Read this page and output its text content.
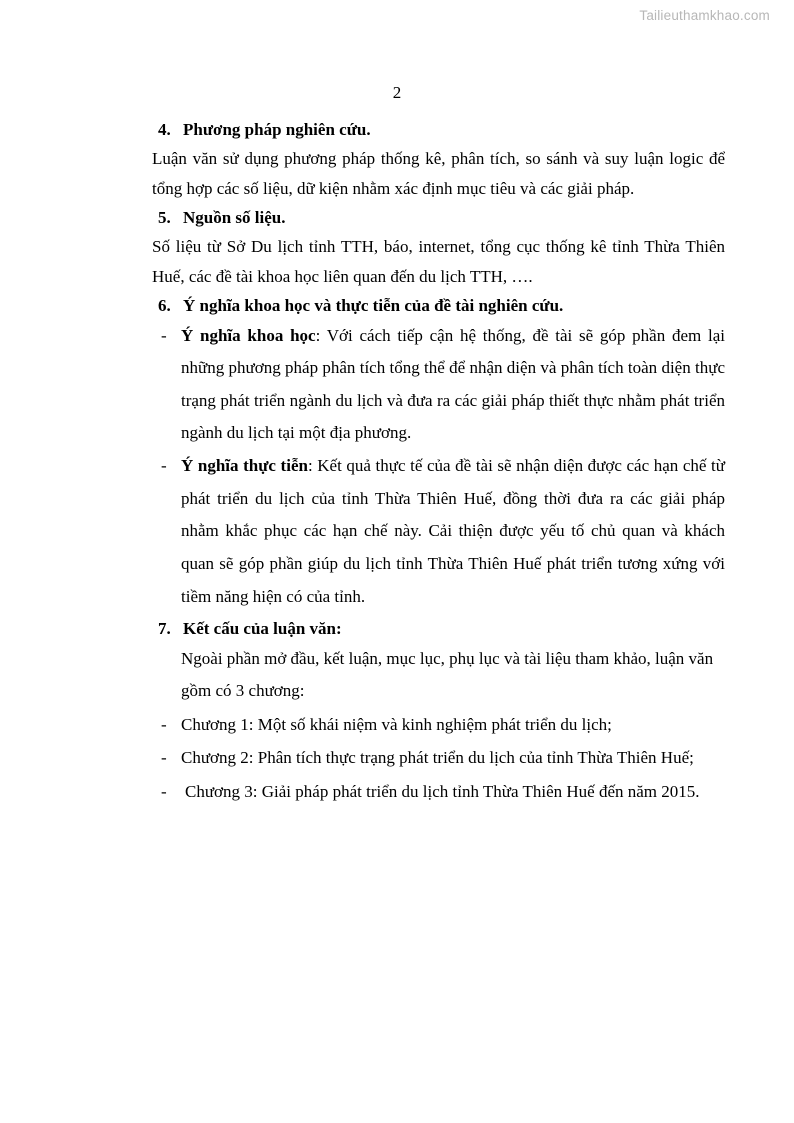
Tailieuthamkhao.com
2

4. Phương pháp nghiên cứu.

Luận văn sử dụng phương pháp thống kê, phân tích, so sánh và suy luận logic để tổng hợp các số liệu, dữ kiện nhằm xác định mục tiêu và các giải pháp.

5. Nguồn số liệu.

Số liệu từ Sở Du lịch tỉnh TTH, báo, internet, tổng cục thống kê tỉnh Thừa Thiên Huế, các đề tài khoa học liên quan đến du lịch TTH, ….

6. Ý nghĩa khoa học và thực tiễn của đề tài nghiên cứu.

- Ý nghĩa khoa học: Với cách tiếp cận hệ thống, đề tài sẽ góp phần đem lại những phương pháp phân tích tổng thể để nhận diện và phân tích toàn diện thực trạng phát triển ngành du lịch và đưa ra các giải pháp thiết thực nhằm phát triển ngành du lịch tại một địa phương.

- Ý nghĩa thực tiễn: Kết quả thực tế của đề tài sẽ nhận diện được các hạn chế từ phát triển du lịch của tỉnh Thừa Thiên Huế, đồng thời đưa ra các giải pháp nhằm khắc phục các hạn chế này. Cải thiện được yếu tố chủ quan và khách quan sẽ góp phần giúp du lịch tỉnh Thừa Thiên Huế phát triển tương xứng với tiềm năng hiện có của tỉnh.

7. Kết cấu của luận văn:

Ngoài phần mở đầu, kết luận, mục lục, phụ lục và tài liệu tham khảo, luận văn gồm có 3 chương:

- Chương 1: Một số khái niệm và kinh nghiệm phát triển du lịch;

- Chương 2: Phân tích thực trạng phát triển du lịch của tỉnh Thừa Thiên Huế;

- Chương 3: Giải pháp phát triển du lịch tỉnh Thừa Thiên Huế đến năm 2015.
